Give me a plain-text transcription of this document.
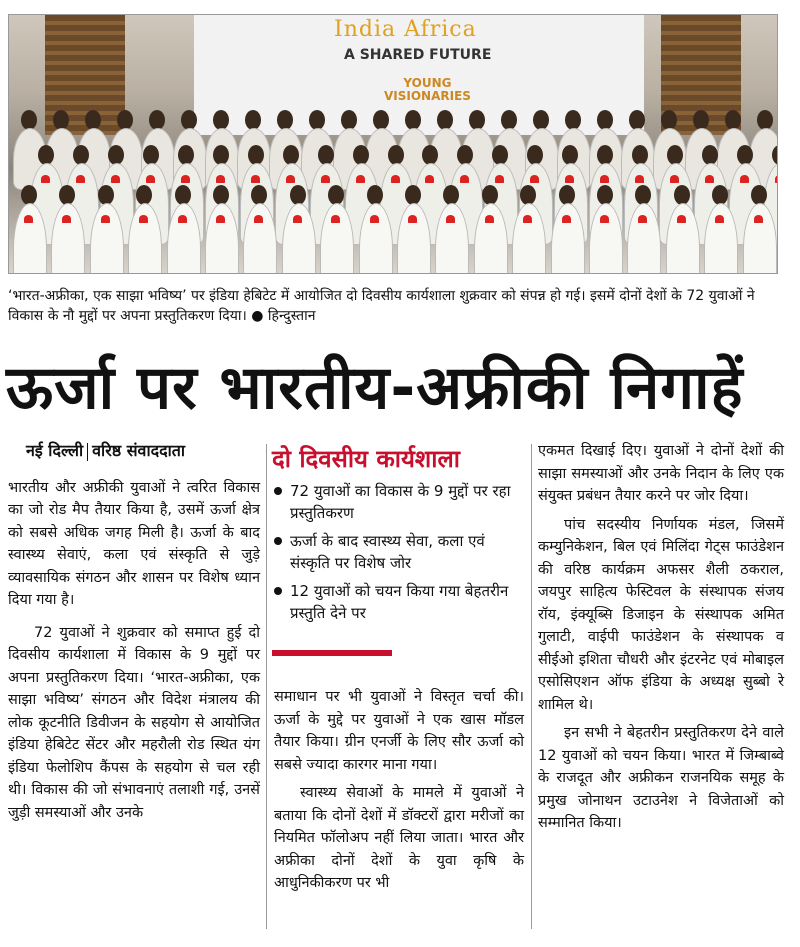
India Africa
A SHARED FUTURE
YOUNG
VISIONARIES
‘भारत-अफ्रीका, एक साझा भविष्य’ पर इंडिया हेबिटेट में आयोजित दो दिवसीय कार्यशाला शुक्रवार को संपन्न हो गई। इसमें दोनों देशों के 72 युवाओं ने विकास के नौ मुद्दों पर अपना प्रस्तुतिकरण दिया। ● हिन्दुस्तान
ऊर्जा पर भारतीय-अफ्रीकी निगाहें
नई दिल्ली वरिष्ठ संवाददाता

भारतीय और अफ्रीकी युवाओं ने त्वरित विकास का जो रोड मैप तैयार किया है, उसमें ऊर्जा क्षेत्र को सबसे अधिक जगह मिली है। ऊर्जा के बाद स्वास्थ्य सेवाएं, कला एवं संस्कृति से जुड़े व्यावसायिक संगठन और शासन पर विशेष ध्यान दिया गया है।

72 युवाओं ने शुक्रवार को समाप्त हुई दो दिवसीय कार्यशाला में विकास के 9 मुद्दों पर अपना प्रस्तुतिकरण दिया। ‘भारत-अफ्रीका, एक साझा भविष्य’ संगठन और विदेश मंत्रालय की लोक कूटनीति डिवीजन के सहयोग से आयोजित इंडिया हेबिटेट सेंटर और महरौली रोड स्थित यंग इंडिया फेलोशिप कैंपस के सहयोग से चल रही थी। विकास की जो संभावनाएं तलाशी गई, उनसें जुड़ी समस्याओं और उनके

दो दिवसीय कार्यशाला
72 युवाओं का विकास के 9 मुद्दों पर रहा प्रस्तुतिकरण
ऊर्जा के बाद स्वास्थ्य सेवा, कला एवं संस्कृति पर विशेष जोर
12 युवाओं को चयन किया गया बेहतरीन प्रस्तुति देने पर

समाधान पर भी युवाओं ने विस्तृत चर्चा की। ऊर्जा के मुद्दे पर युवाओं ने एक खास मॉडल तैयार किया। ग्रीन एनर्जी के लिए सौर ऊर्जा को सबसे ज्यादा कारगर माना गया।

स्वास्थ्य सेवाओं के मामले में युवाओं ने बताया कि दोनों देशों में डॉक्टरों द्वारा मरीजों का नियमित फॉलोअप नहीं लिया जाता। भारत और अफ्रीका दोनों देशों के युवा कृषि के आधुनिकीकरण पर भी

एकमत दिखाई दिए। युवाओं ने दोनों देशों की साझा समस्याओं और उनके निदान के लिए एक संयुक्त प्रबंधन तैयार करने पर जोर दिया।

पांच सदस्यीय निर्णायक मंडल, जिसमें कम्युनिकेशन, बिल एवं मिलिंदा गेट्स फाउंडेशन की वरिष्ठ कार्यक्रम अफसर शैली ठकराल, जयपुर साहित्य फेस्टिवल के संस्थापक संजय रॉय, इंक्यूब्सि डिजाइन के संस्थापक अमित गुलाटी, वाईपी फाउंडेशन के संस्थापक व सीईओ इशिता चौधरी और इंटरनेट एवं मोबाइल एसोसिएशन ऑफ इंडिया के अध्यक्ष सुब्बो रे शामिल थे।

इन सभी ने बेहतरीन प्रस्तुतिकरण देने वाले 12 युवाओं को चयन किया। भारत में जिम्बाब्वे के राजदूत और अफ्रीकन राजनयिक समूह के प्रमुख जोनाथन उटाउनेश ने विजेताओं को सम्मानित किया।
